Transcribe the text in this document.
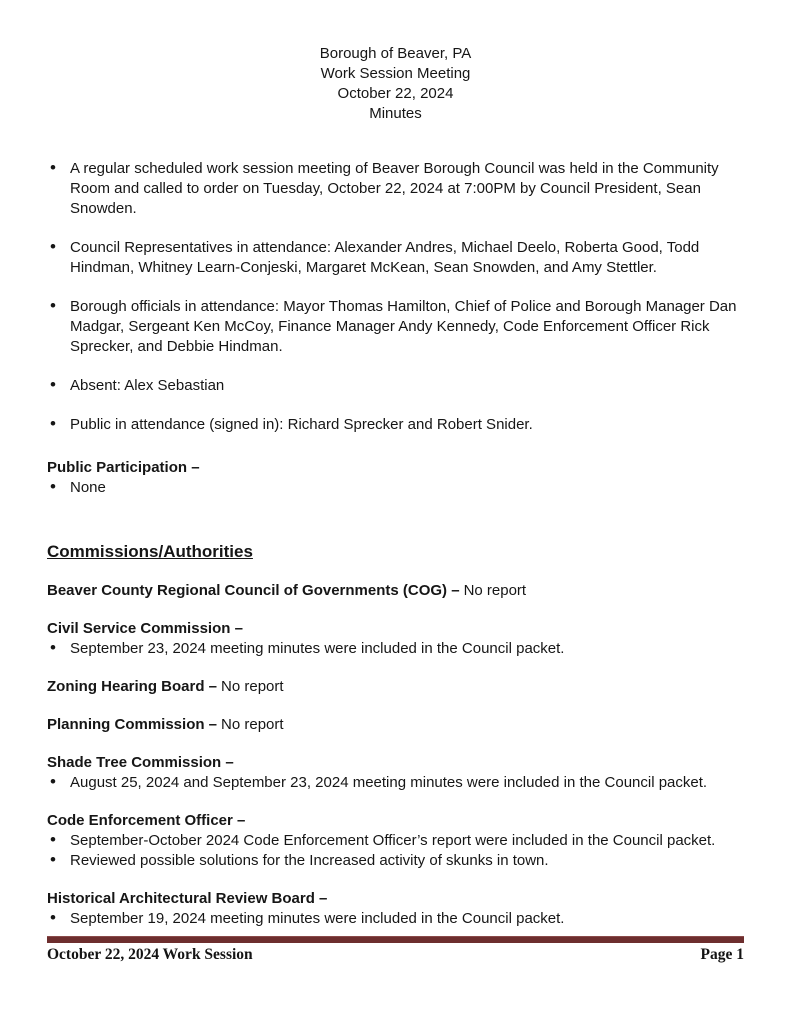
Borough of Beaver, PA
Work Session Meeting
October 22, 2024
Minutes
• A regular scheduled work session meeting of Beaver Borough Council was held in the Community Room and called to order on Tuesday, October 22, 2024 at 7:00PM by Council President, Sean Snowden.
• Council Representatives in attendance: Alexander Andres, Michael Deelo, Roberta Good, Todd Hindman, Whitney Learn-Conjeski, Margaret McKean, Sean Snowden, and Amy Stettler.
• Borough officials in attendance: Mayor Thomas Hamilton, Chief of Police and Borough Manager Dan Madgar, Sergeant Ken McCoy, Finance Manager Andy Kennedy, Code Enforcement Officer Rick Sprecker, and Debbie Hindman.
• Absent: Alex Sebastian
• Public in attendance (signed in): Richard Sprecker and Robert Snider.
Public Participation –
• None
Commissions/Authorities
Beaver County Regional Council of Governments (COG) – No report
Civil Service Commission –
• September 23, 2024 meeting minutes were included in the Council packet.
Zoning Hearing Board – No report
Planning Commission – No report
Shade Tree Commission –
• August 25, 2024 and September 23, 2024 meeting minutes were included in the Council packet.
Code Enforcement Officer –
• September-October 2024 Code Enforcement Officer’s report were included in the Council packet.
• Reviewed possible solutions for the Increased activity of skunks in town.
Historical Architectural Review Board –
• September 19, 2024 meeting minutes were included in the Council packet.
October 22, 2024 Work Session	Page 1
